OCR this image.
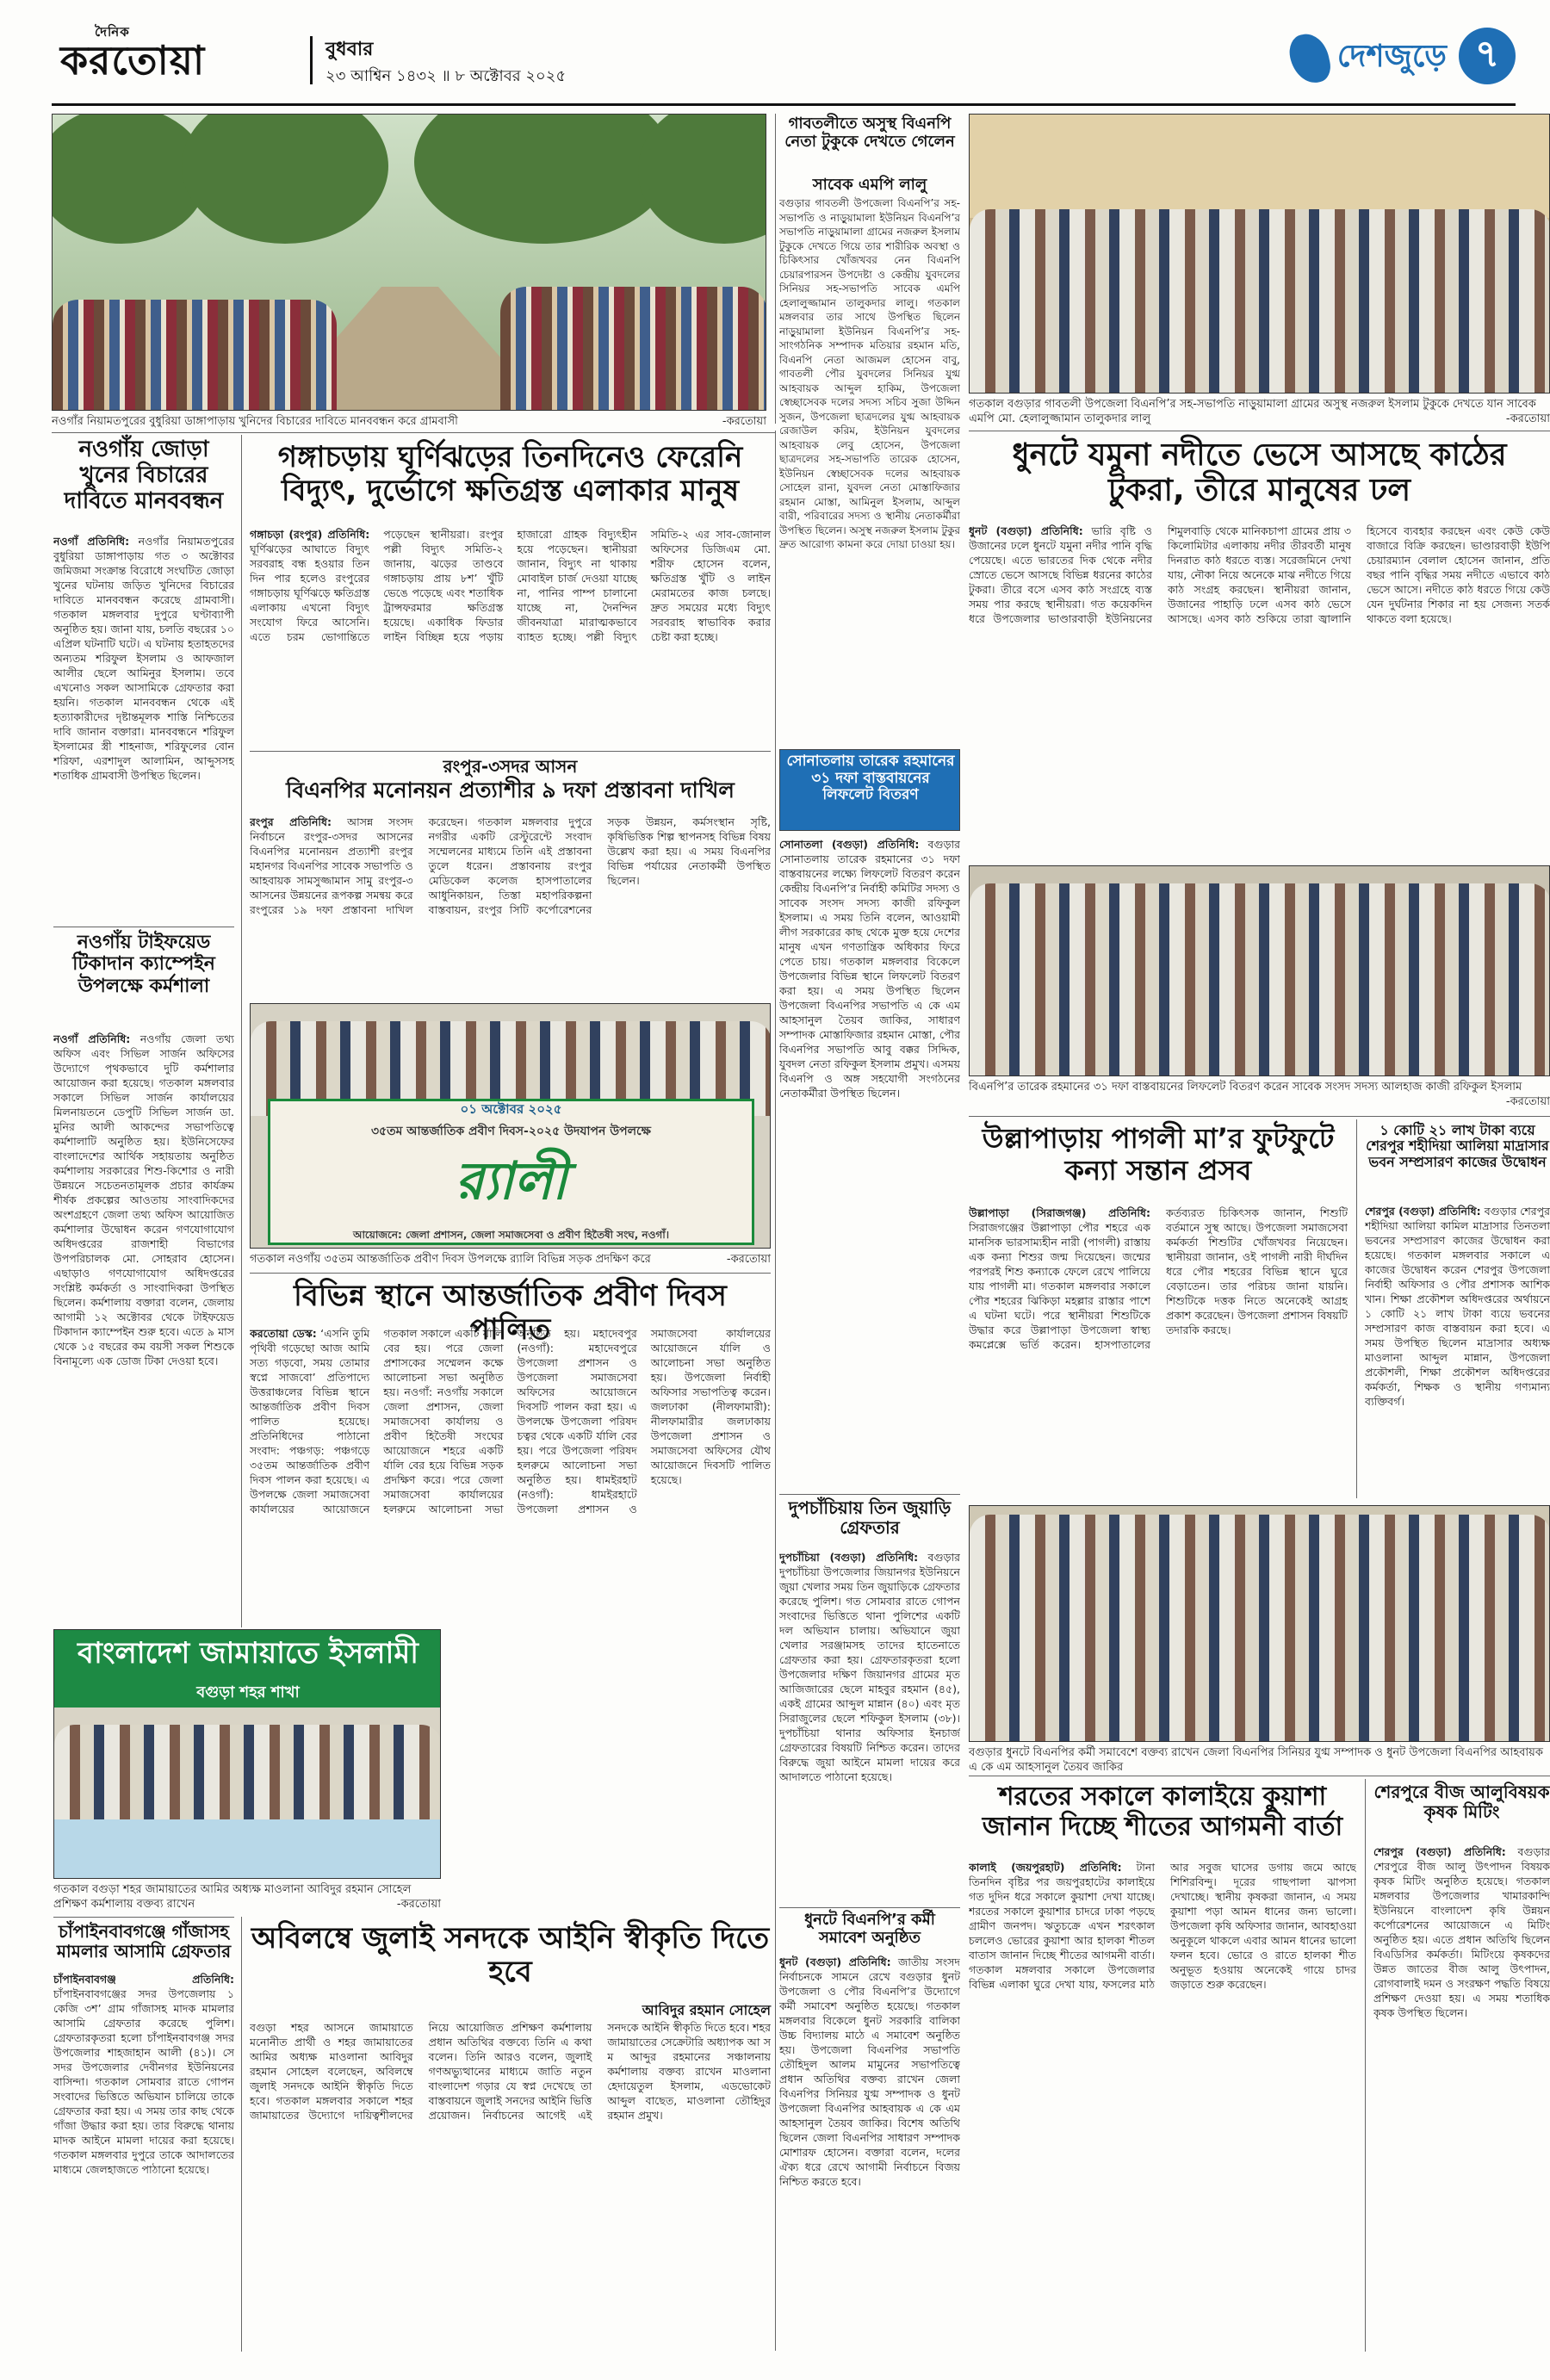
দৈনিক
করতোয়া	বুধবার
২৩ আশ্বিন ১৪৩২ ॥ ৮ অক্টোবর ২০২৫
দেশজুড়ে ৭
নওগাঁর নিয়ামতপুরের বুধুরিয়া ডাঙ্গাপাড়ায় খুনিদের বিচারের দাবিতে মানববন্ধন করে গ্রামবাসী	-করতোয়া
গাবতলীতে অসুস্থ বিএনপি নেতা টুকুকে দেখতে গেলেন
সাবেক এমপি লালু
বগুড়ার গাবতলী উপজেলা বিএনপি’র সহ-সভাপতি ও নাড়ুয়ামালা ইউনিয়ন বিএনপি’র সভাপতি নাড়ুয়ামালা গ্রামের নজরুল ইসলাম টুকুকে দেখতে গিয়ে তার শারীরিক অবস্থা ও চিকিৎসার খোঁজখবর নেন বিএনপি চেয়ারপারসন উপদেষ্টা ও কেন্দ্রীয় যুবদলের সিনিয়র সহ-সভাপতি সাবেক এমপি হেলালুজ্জামান তালুকদার লালু। গতকাল মঙ্গলবার তার সাথে উপস্থিত ছিলেন নাড়ুয়ামালা ইউনিয়ন বিএনপি’র সহ-সাংগঠনিক সম্পাদক মতিয়ার রহমান মতি, বিএনপি নেতা আজমল হোসেন বাবু, গাবতলী পৌর যুবদলের সিনিয়র যুগ্ম আহবায়ক আব্দুল হাকিম, উপজেলা স্বেচ্ছাসেবক দলের সদস্য সচিব সুজা উদ্দিন সুজন, উপজেলা ছাত্রদলের যুগ্ম আহবায়ক রেজাউল করিম, ইউনিয়ন যুবদলের আহবায়ক লেবু হোসেন, উপজেলা ছাত্রদলের সহ-সভাপতি তারেক হোসেন, ইউনিয়ন স্বেচ্ছাসেবক দলের আহবায়ক সোহেল রানা, যুবদল নেতা মোস্তাফিজার রহমান মোস্তা, আমিনুল ইসলাম, আব্দুল বারী, পরিবারের সদস্য ও স্থানীয় নেতাকর্মীরা উপস্থিত ছিলেন। অসুস্থ নজরুল ইসলাম টুকুর দ্রুত আরোগ্য কামনা করে দোয়া চাওয়া হয়।
গতকাল বগুড়ার গাবতলী উপজেলা বিএনপি’র সহ-সভাপতি নাড়ুয়ামালা গ্রামের অসুস্থ নজরুল ইসলাম টুকুকে দেখতে যান সাবেক এমপি মো. হেলালুজ্জামান তালুকদার লালু	-করতোয়া
নওগাঁয় জোড়া খুনের বিচারের দাবিতে মানববন্ধন
নওগাঁ প্রতিনিধি: নওগাঁর নিয়ামতপুরের বুধুরিয়া ডাঙ্গাপাড়ায় গত ৩ অক্টোবর জমিজমা সংক্রান্ত বিরোধে সংঘটিত জোড়া খুনের ঘটনায় জড়িত খুনিদের বিচারের দাবিতে মানববন্ধন করেছে গ্রামবাসী। গতকাল মঙ্গলবার দুপুরে ঘণ্টাব্যাপী অনুষ্ঠিত হয়। জানা যায়, চলতি বছরের ১০ এপ্রিল ঘটনাটি ঘটে। এ ঘটনায় হতাহতদের অন্যতম শরিফুল ইসলাম ও আফজাল আলীর ছেলে আমিনুর ইসলাম। তবে এখনোও সকল আসামিকে গ্রেফতার করা হয়নি। গতকাল মানববন্ধন থেকে এই হত্যাকারীদের দৃষ্টান্তমূলক শাস্তি নিশ্চিতের দাবি জানান বক্তারা। মানববন্ধনে শরিফুল ইসলামের স্ত্রী শাহনাজ, শরিফুলের বোন শরিফা, এরশাদুল আলামিন, আব্দুসসহ শতাধিক গ্রামবাসী উপস্থিত ছিলেন।
নওগাঁয় টাইফয়েড টিকাদান ক্যাম্পেইন উপলক্ষে কর্মশালা
নওগাঁ প্রতিনিধি: নওগাঁয় জেলা তথ্য অফিস এবং সিভিল সার্জন অফিসের উদ্যোগে পৃথকভাবে দুটি কর্মশালার আয়োজন করা হয়েছে। গতকাল মঙ্গলবার সকালে সিভিল সার্জন কার্যালয়ের মিলনায়তনে ডেপুটি সিভিল সার্জন ডা. মুনির আলী আকন্দের সভাপতিত্বে কর্মশালাটি অনুষ্ঠিত হয়। ইউনিসেফের বাংলাদেশের আর্থিক সহায়তায় অনুষ্ঠিত কর্মশালায় সরকারের শিশু-কিশোর ও নারী উন্নয়নে সচেতনতামূলক প্রচার কার্যক্রম শীর্ষক প্রকল্পের আওতায় সাংবাদিকদের অংশগ্রহণে জেলা তথ্য অফিস আয়োজিত কর্মশালার উদ্বোধন করেন গণযোগাযোগ অধিদপ্তরের রাজশাহী বিভাগের উপপরিচালক মো. সোহরাব হোসেন। এছাড়াও গণযোগাযোগ অধিদপ্তরের সংশ্লিষ্ট কর্মকর্তা ও সাংবাদিকরা উপস্থিত ছিলেন। কর্মশালায় বক্তারা বলেন, জেলায় আগামী ১২ অক্টোবর থেকে টাইফয়েড টিকাদান ক্যাম্পেইন শুরু হবে। এতে ৯ মাস থেকে ১৫ বছরের কম বয়সী সকল শিশুকে বিনামূল্যে এক ডোজ টিকা দেওয়া হবে।
গঙ্গাচড়ায় ঘূর্ণিঝড়ের তিনদিনেও ফেরেনি বিদ্যুৎ, দুর্ভোগে ক্ষতিগ্রস্ত এলাকার মানুষ
গঙ্গাচড়া (রংপুর) প্রতিনিধি: ঘূর্ণিঝড়ের আঘাতে বিদ্যুৎ সরবরাহ বন্ধ হওয়ার তিন দিন পার হলেও রংপুরের গঙ্গাচড়ায় ঘূর্ণিঝড়ে ক্ষতিগ্রস্ত এলাকায় এখনো বিদ্যুৎ সংযোগ ফিরে আসেনি। এতে চরম ভোগান্তিতে পড়েছেন স্থানীয়রা। রংপুর পল্লী বিদ্যুৎ সমিতি-২ জানায়, ঝড়ের তাণ্ডবে গঙ্গাচড়ায় প্রায় ৮শ’ খুঁটি ভেঙে পড়েছে এবং শতাধিক ট্রান্সফরমার ক্ষতিগ্রস্ত হয়েছে। একাধিক ফিডার লাইন বিচ্ছিন্ন হয়ে পড়ায় হাজারো গ্রাহক বিদ্যুৎহীন হয়ে পড়েছেন। স্থানীয়রা জানান, বিদ্যুৎ না থাকায় মোবাইল চার্জ দেওয়া যাচ্ছে না, পানির পাম্প চালানো যাচ্ছে না, দৈনন্দিন জীবনযাত্রা মারাত্মকভাবে ব্যাহত হচ্ছে। পল্লী বিদ্যুৎ সমিতি-২ এর সাব-জোনাল অফিসের ডিজিএম মো. শরীফ হোসেন বলেন, ক্ষতিগ্রস্ত খুঁটি ও লাইন মেরামতের কাজ চলছে। দ্রুত সময়ের মধ্যে বিদ্যুৎ সরবরাহ স্বাভাবিক করার চেষ্টা করা হচ্ছে।
রংপুর-৩সদর আসন
বিএনপির মনোনয়ন প্রত্যাশীর ৯ দফা প্রস্তাবনা দাখিল
রংপুর প্রতিনিধি: আসন্ন সংসদ নির্বাচনে রংপুর-৩সদর আসনের বিএনপির মনোনয়ন প্রত্যাশী রংপুর মহানগর বিএনপির সাবেক সভাপতি ও আহবায়ক সামসুজ্জামান সামু রংপুর-৩ আসনের উন্নয়নের রূপকল্প সমন্বয় করে রংপুরের ১৯ দফা প্রস্তাবনা দাখিল করেছেন। গতকাল মঙ্গলবার দুপুরে নগরীর একটি রেস্টুরেন্টে সংবাদ সম্মেলনের মাধ্যমে তিনি এই প্রস্তাবনা তুলে ধরেন। প্রস্তাবনায় রংপুর মেডিকেল কলেজ হাসপাতালের আধুনিকায়ন, তিস্তা মহাপরিকল্পনা বাস্তবায়ন, রংপুর সিটি কর্পোরেশনের সড়ক উন্নয়ন, কর্মসংস্থান সৃষ্টি, কৃষিভিত্তিক শিল্প স্থাপনসহ বিভিন্ন বিষয় উল্লেখ করা হয়। এ সময় বিএনপির বিভিন্ন পর্যায়ের নেতাকর্মী উপস্থিত ছিলেন।
০১ অক্টোবর ২০২৫
৩৫তম আন্তর্জাতিক প্রবীণ দিবস-২০২৫ উদযাপন উপলক্ষে
র‍্যালী
আয়োজনে: জেলা প্রশাসন, জেলা সমাজসেবা ও প্রবীণ হিতৈষী সংঘ, নওগাঁ।
গতকাল নওগাঁয় ৩৫তম আন্তর্জাতিক প্রবীণ দিবস উপলক্ষে র‌্যালি বিভিন্ন সড়ক প্রদক্ষিণ করে	-করতোয়া
বিভিন্ন স্থানে আন্তর্জাতিক প্রবীণ দিবস পালিত
করতোয়া ডেস্ক: ‘এসনি তুমি পৃথিবী গড়েছো আজ আমি সত্য গড়বো, সময় তোমার স্বপ্নে সাজবো’ প্রতিপাদ্যে উত্তরাঞ্চলের বিভিন্ন স্থানে আন্তর্জাতিক প্রবীণ দিবস পালিত হয়েছে। প্রতিনিধিদের পাঠানো সংবাদ: পঞ্চগড়: পঞ্চগড়ে ৩৫তম আন্তর্জাতিক প্রবীণ দিবস পালন করা হয়েছে। এ উপলক্ষে জেলা সমাজসেবা কার্যালয়ের আয়োজনে গতকাল সকালে একটি র্যালি বের হয়। পরে জেলা প্রশাসকের সম্মেলন কক্ষে আলোচনা সভা অনুষ্ঠিত হয়। নওগাঁ: নওগাঁয় সকালে জেলা প্রশাসন, জেলা সমাজসেবা কার্যালয় ও প্রবীণ হিতৈষী সংঘের আয়োজনে শহরে একটি র্যালি বের হয়ে বিভিন্ন সড়ক প্রদক্ষিণ করে। পরে জেলা সমাজসেবা কার্যালয়ের হলরুমে আলোচনা সভা অনুষ্ঠিত হয়। মহাদেবপুর (নওগাঁ): মহাদেবপুরে উপজেলা প্রশাসন ও উপজেলা সমাজসেবা অফিসের আয়োজনে দিবসটি পালন করা হয়। এ উপলক্ষে উপজেলা পরিষদ চত্বর থেকে একটি র্যালি বের হয়। পরে উপজেলা পরিষদ হলরুমে আলোচনা সভা অনুষ্ঠিত হয়। ধামইরহাট (নওগাঁ): ধামইরহাটে উপজেলা প্রশাসন ও সমাজসেবা কার্যালয়ের আয়োজনে র্যালি ও আলোচনা সভা অনুষ্ঠিত হয়। উপজেলা নির্বাহী অফিসার সভাপতিত্ব করেন। জলঢাকা (নীলফামারী): নীলফামারীর জলঢাকায় উপজেলা প্রশাসন ও সমাজসেবা অফিসের যৌথ আয়োজনে দিবসটি পালিত হয়েছে।
বাংলাদেশ জামায়াতে ইসলামী
বগুড়া শহর শাখা
গতকাল বগুড়া শহর জামায়াতের আমির অধ্যক্ষ মাওলানা আবিদুর রহমান সোহেল প্রশিক্ষণ কর্মশালায় বক্তব্য রাখেন	-করতোয়া
চাঁপাইনবাবগঞ্জে গাঁজাসহ মামলার আসামি গ্রেফতার
চাঁপাইনবাবগঞ্জ প্রতিনিধি: চাঁপাইনবাবগঞ্জের সদর উপজেলায় ১ কেজি ৩শ’ গ্রাম গাঁজাসহ মাদক মামলার আসামি গ্রেফতার করেছে পুলিশ। গ্রেফতারকৃতরা হলো চাঁপাইনবাবগঞ্জ সদর উপজেলার শাহজাহান আলী (৪১)। সে সদর উপজেলার দেবীনগর ইউনিয়নের বাসিন্দা। গতকাল সোমবার রাতে গোপন সংবাদের ভিত্তিতে অভিযান চালিয়ে তাকে গ্রেফতার করা হয়। এ সময় তার কাছ থেকে গাঁজা উদ্ধার করা হয়। তার বিরুদ্ধে থানায় মাদক আইনে মামলা দায়ের করা হয়েছে। গতকাল মঙ্গলবার দুপুরে তাকে আদালতের মাধ্যমে জেলহাজতে পাঠানো হয়েছে।
অবিলম্বে জুলাই সনদকে আইনি স্বীকৃতি দিতে হবে
আবিদুর রহমান সোহেল
বগুড়া শহর আসনে জামায়াতে মনোনীত প্রার্থী ও শহর জামায়াতের আমির অধ্যক্ষ মাওলানা আবিদুর রহমান সোহেল বলেছেন, অবিলম্বে জুলাই সনদকে আইনি স্বীকৃতি দিতে হবে। গতকাল মঙ্গলবার সকালে শহর জামায়াতের উদ্যোগে দায়িত্বশীলদের নিয়ে আয়োজিত প্রশিক্ষণ কর্মশালায় প্রধান অতিথির বক্তব্যে তিনি এ কথা বলেন। তিনি আরও বলেন, জুলাই গণঅভ্যুত্থানের মাধ্যমে জাতি নতুন বাংলাদেশ গড়ার যে স্বপ্ন দেখেছে তা বাস্তবায়নে জুলাই সনদের আইনি ভিত্তি প্রয়োজন। নির্বাচনের আগেই এই সনদকে আইনি স্বীকৃতি দিতে হবে। শহর জামায়াতের সেক্রেটারি অধ্যাপক আ স ম আব্দুর রহমানের সঞ্চালনায় কর্মশালায় বক্তব্য রাখেন মাওলানা হেদায়েতুল ইসলাম, এডভোকেট আব্দুল বাছেত, মাওলানা তৌহিদুর রহমান প্রমুখ।
সোনাতলায় তারেক রহমানের ৩১ দফা বাস্তবায়নের লিফলেট বিতরণ
সোনাতলা (বগুড়া) প্রতিনিধি: বগুড়ার সোনাতলায় তারেক রহমানের ৩১ দফা বাস্তবায়নের লক্ষ্যে লিফলেট বিতরণ করেন কেন্দ্রীয় বিএনপি’র নির্বাহী কমিটির সদস্য ও সাবেক সংসদ সদস্য কাজী রফিকুল ইসলাম। এ সময় তিনি বলেন, আওয়ামী লীগ সরকারের কাছ থেকে মুক্ত হয়ে দেশের মানুষ এখন গণতান্ত্রিক অধিকার ফিরে পেতে চায়। গতকাল মঙ্গলবার বিকেলে উপজেলার বিভিন্ন স্থানে লিফলেট বিতরণ করা হয়। এ সময় উপস্থিত ছিলেন উপজেলা বিএনপির সভাপতি এ কে এম আহসানুল তৈয়ব জাকির, সাধারণ সম্পাদক মোস্তাফিজার রহমান মোস্তা, পৌর বিএনপির সভাপতি আবু বক্কর সিদ্দিক, যুবদল নেতা রফিকুল ইসলাম প্রমুখ। এসময় বিএনপি ও অঙ্গ সহযোগী সংগঠনের নেতাকর্মীরা উপস্থিত ছিলেন।	বিএনপি’র তারেক রহমানের ৩১ দফা বাস্তবায়নের লিফলেট বিতরণ করেন সাবেক সংসদ সদস্য আলহাজ কাজী রফিকুল ইসলাম
-করতোয়া
ধুনটে যমুনা নদীতে ভেসে আসছে কাঠের টুকরা, তীরে মানুষের ঢল
ধুনট (বগুড়া) প্রতিনিধি: ভারি বৃষ্টি ও উজানের ঢলে ধুনটে যমুনা নদীর পানি বৃদ্ধি পেয়েছে। এতে ভারতের দিক থেকে নদীর স্রোতে ভেসে আসছে বিভিন্ন ধরনের কাঠের টুকরা। তীরে বসে এসব কাঠ সংগ্রহে ব্যস্ত সময় পার করছে স্থানীয়রা। গত কয়েকদিন ধরে উপজেলার ভাণ্ডারবাড়ী ইউনিয়নের শিমুলবাড়ি থেকে মানিকচাপা গ্রামের প্রায় ৩ কিলোমিটার এলাকায় নদীর তীরবর্তী মানুষ দিনরাত কাঠ ধরতে ব্যস্ত। সরেজমিনে দেখা যায়, নৌকা নিয়ে অনেকে মাঝ নদীতে গিয়ে কাঠ সংগ্রহ করছেন। স্থানীয়রা জানান, উজানের পাহাড়ি ঢলে এসব কাঠ ভেসে আসছে। এসব কাঠ শুকিয়ে তারা জ্বালানি হিসেবে ব্যবহার করছেন এবং কেউ কেউ বাজারে বিক্রি করছেন। ভাণ্ডারবাড়ী ইউপি চেয়ারম্যান বেলাল হোসেন জানান, প্রতি বছর পানি বৃদ্ধির সময় নদীতে এভাবে কাঠ ভেসে আসে। নদীতে কাঠ ধরতে গিয়ে কেউ যেন দুর্ঘটনার শিকার না হয় সেজন্য সতর্ক থাকতে বলা হয়েছে।
দুপচাঁচিয়ায় তিন জুয়াড়ি গ্রেফতার
দুপচাঁচিয়া (বগুড়া) প্রতিনিধি: বগুড়ার দুপচাঁচিয়া উপজেলার জিয়ানগর ইউনিয়নে জুয়া খেলার সময় তিন জুয়াড়িকে গ্রেফতার করেছে পুলিশ। গত সোমবার রাতে গোপন সংবাদের ভিত্তিতে থানা পুলিশের একটি দল অভিযান চালায়। অভিযানে জুয়া খেলার সরঞ্জামসহ তাদের হাতেনাতে গ্রেফতার করা হয়। গ্রেফতারকৃতরা হলো উপজেলার দক্ষিণ জিয়ানগর গ্রামের মৃত আজিজারের ছেলে মাহবুর রহমান (৪৫), একই গ্রামের আব্দুল মান্নান (৪০) এবং মৃত সিরাজুলের ছেলে শফিকুল ইসলাম (৩৮)। দুপচাঁচিয়া থানার অফিসার ইনচার্জ গ্রেফতারের বিষয়টি নিশ্চিত করেন। তাদের বিরুদ্ধে জুয়া আইনে মামলা দায়ের করে আদালতে পাঠানো হয়েছে।
ধুনটে বিএনপি’র কর্মী সমাবেশ অনুষ্ঠিত
ধুনট (বগুড়া) প্রতিনিধি: জাতীয় সংসদ নির্বাচনকে সামনে রেখে বগুড়ার ধুনট উপজেলা ও পৌর বিএনপি’র উদ্যোগে কর্মী সমাবেশ অনুষ্ঠিত হয়েছে। গতকাল মঙ্গলবার বিকেলে ধুনট সরকারি বালিকা উচ্চ বিদ্যালয় মাঠে এ সমাবেশ অনুষ্ঠিত হয়। উপজেলা বিএনপির সভাপতি তৌহিদুল আলম মামুনের সভাপতিত্বে প্রধান অতিথির বক্তব্য রাখেন জেলা বিএনপির সিনিয়র যুগ্ম সম্পাদক ও ধুনট উপজেলা বিএনপির আহবায়ক এ কে এম আহসানুল তৈয়ব জাকির। বিশেষ অতিথি ছিলেন জেলা বিএনপির সাধারণ সম্পাদক মোশারফ হোসেন। বক্তারা বলেন, দলের ঐক্য ধরে রেখে আগামী নির্বাচনে বিজয় নিশ্চিত করতে হবে।
উল্লাপাড়ায় পাগলী মা’র ফুটফুটে কন্যা সন্তান প্রসব
উল্লাপাড়া (সিরাজগঞ্জ) প্রতিনিধি: সিরাজগঞ্জের উল্লাপাড়া পৌর শহরে এক মানসিক ভারসাম্যহীন নারী (পাগলী) রাস্তায় এক কন্যা শিশুর জন্ম দিয়েছেন। জন্মের পরপরই শিশু কন্যাকে ফেলে রেখে পালিয়ে যায় পাগলী মা। গতকাল মঙ্গলবার সকালে পৌর শহরের ঝিকিড়া মহল্লার রাস্তার পাশে এ ঘটনা ঘটে। পরে স্থানীয়রা শিশুটিকে উদ্ধার করে উল্লাপাড়া উপজেলা স্বাস্থ্য কমপ্লেক্সে ভর্তি করেন। হাসপাতালের কর্তব্যরত চিকিৎসক জানান, শিশুটি বর্তমানে সুস্থ আছে। উপজেলা সমাজসেবা কর্মকর্তা শিশুটির খোঁজখবর নিয়েছেন। স্থানীয়রা জানান, ওই পাগলী নারী দীর্ঘদিন ধরে পৌর শহরের বিভিন্ন স্থানে ঘুরে বেড়াতেন। তার পরিচয় জানা যায়নি। শিশুটিকে দত্তক নিতে অনেকেই আগ্রহ প্রকাশ করেছেন। উপজেলা প্রশাসন বিষয়টি তদারকি করছে।
১ কোটি ২১ লাখ টাকা ব্যয়ে শেরপুর শহীদিয়া আলিয়া মাদ্রাসার ভবন সম্প্রসারণ কাজের উদ্বোধন
শেরপুর (বগুড়া) প্রতিনিধি: বগুড়ার শেরপুর শহীদিয়া আলিয়া কামিল মাদ্রাসার তিনতলা ভবনের সম্প্রসারণ কাজের উদ্বোধন করা হয়েছে। গতকাল মঙ্গলবার সকালে এ কাজের উদ্বোধন করেন শেরপুর উপজেলা নির্বাহী অফিসার ও পৌর প্রশাসক আশিক খান। শিক্ষা প্রকৌশল অধিদপ্তরের অর্থায়নে ১ কোটি ২১ লাখ টাকা ব্যয়ে ভবনের সম্প্রসারণ কাজ বাস্তবায়ন করা হবে। এ সময় উপস্থিত ছিলেন মাদ্রাসার অধ্যক্ষ মাওলানা আব্দুল মান্নান, উপজেলা প্রকৌশলী, শিক্ষা প্রকৌশল অধিদপ্তরের কর্মকর্তা, শিক্ষক ও স্থানীয় গণ্যমান্য ব্যক্তিবর্গ।
বগুড়ার ধুনটে বিএনপির কর্মী সমাবেশে বক্তব্য রাখেন জেলা বিএনপির সিনিয়র যুগ্ম সম্পাদক ও ধুনট উপজেলা বিএনপির আহবায়ক এ কে এম আহসানুল তৈয়ব জাকির
শরতের সকালে কালাইয়ে কুয়াশা জানান দিচ্ছে শীতের আগমনী বার্তা
কালাই (জয়পুরহাট) প্রতিনিধি: টানা তিনদিন বৃষ্টির পর জয়পুরহাটের কালাইয়ে গত দুদিন ধরে সকালে কুয়াশা দেখা যাচ্ছে। শরতের সকালে কুয়াশার চাদরে ঢাকা পড়ছে গ্রামীণ জনপদ। ঋতুচক্রে এখন শরৎকাল চললেও ভোরের কুয়াশা আর হালকা শীতল বাতাস জানান দিচ্ছে শীতের আগমনী বার্তা। গতকাল মঙ্গলবার সকালে উপজেলার বিভিন্ন এলাকা ঘুরে দেখা যায়, ফসলের মাঠ আর সবুজ ঘাসের ডগায় জমে আছে শিশিরবিন্দু। দূরের গাছপালা ঝাপসা দেখাচ্ছে। স্থানীয় কৃষকরা জানান, এ সময় কুয়াশা পড়া আমন ধানের জন্য ভালো। উপজেলা কৃষি অফিসার জানান, আবহাওয়া অনুকূলে থাকলে এবার আমন ধানের ভালো ফলন হবে। ভোরে ও রাতে হালকা শীত অনুভূত হওয়ায় অনেকেই গায়ে চাদর জড়াতে শুরু করেছেন।
শেরপুরে বীজ আলুবিষয়ক কৃষক মিটিং
শেরপুর (বগুড়া) প্রতিনিধি: বগুড়ার শেরপুরে বীজ আলু উৎপাদন বিষয়ক কৃষক মিটিং অনুষ্ঠিত হয়েছে। গতকাল মঙ্গলবার উপজেলার খামারকান্দি ইউনিয়নে বাংলাদেশ কৃষি উন্নয়ন কর্পোরেশনের আয়োজনে এ মিটিং অনুষ্ঠিত হয়। এতে প্রধান অতিথি ছিলেন বিএডিসির কর্মকর্তা। মিটিংয়ে কৃষকদের উন্নত জাতের বীজ আলু উৎপাদন, রোগবালাই দমন ও সংরক্ষণ পদ্ধতি বিষয়ে প্রশিক্ষণ দেওয়া হয়। এ সময় শতাধিক কৃষক উপস্থিত ছিলেন।
